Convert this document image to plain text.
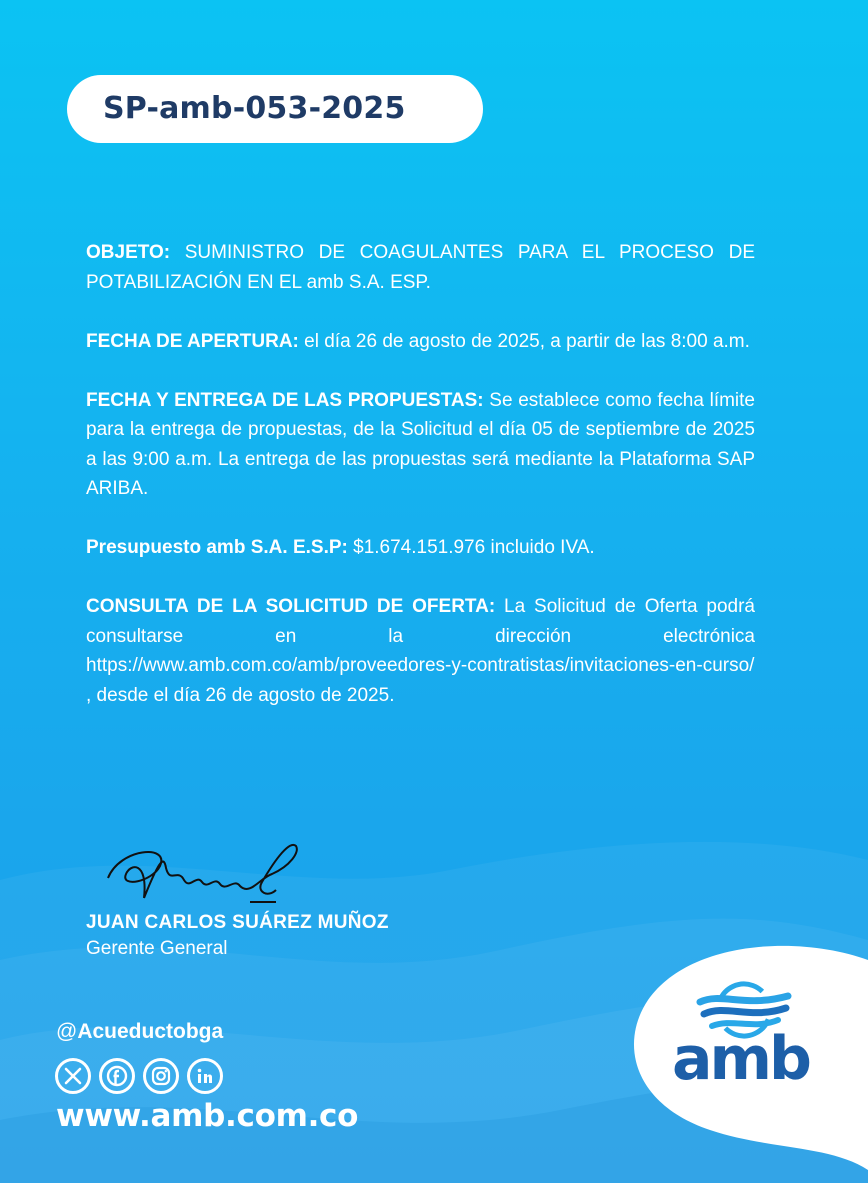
SP-amb-053-2025

OBJETO: SUMINISTRO DE COAGULANTES PARA EL PROCESO DE POTABILIZACIÓN EN EL amb S.A. ESP.

FECHA DE APERTURA: el día 26 de agosto de 2025, a partir de las 8:00 a.m.

FECHA Y ENTREGA DE LAS PROPUESTAS: Se establece como fecha límite para la entrega de propuestas, de la Solicitud el día 05 de septiembre de 2025 a las 9:00 a.m. La entrega de las propuestas será mediante la Plataforma SAP ARIBA.

Presupuesto amb S.A. E.S.P: $1.674.151.976 incluido IVA.

CONSULTA DE LA SOLICITUD DE OFERTA: La Solicitud de Oferta podrá consultarse en la dirección electrónica https://www.amb.com.co/amb/proveedores-y-contratistas/invitaciones-en-curso/ , desde el día 26 de agosto de 2025.

JUAN CARLOS SUÁREZ MUÑOZ
Gerente General
@Acueductobga
www.amb.com.co
amb
